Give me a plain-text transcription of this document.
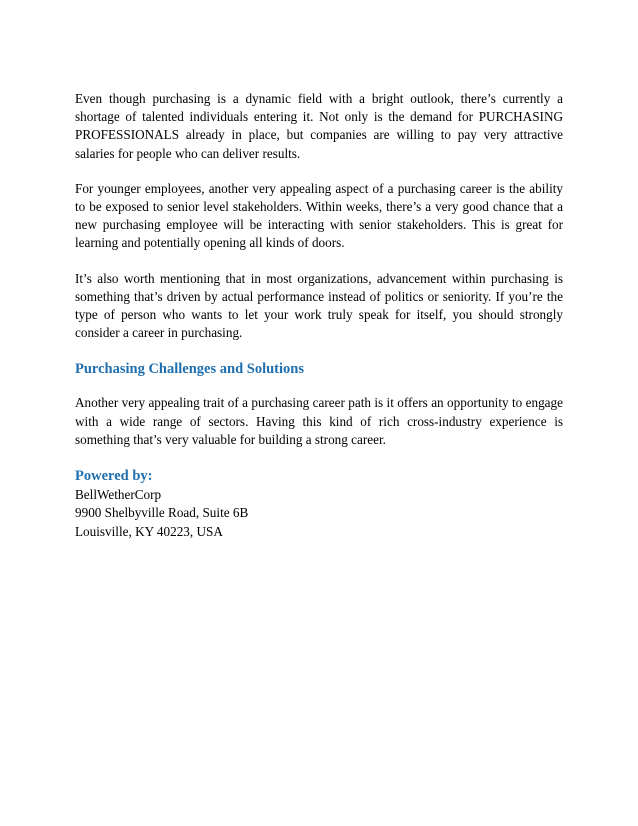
Even though purchasing is a dynamic field with a bright outlook, there’s currently a shortage of talented individuals entering it. Not only is the demand for PURCHASING PROFESSIONALS already in place, but companies are willing to pay very attractive salaries for people who can deliver results.

For younger employees, another very appealing aspect of a purchasing career is the ability to be exposed to senior level stakeholders. Within weeks, there’s a very good chance that a new purchasing employee will be interacting with senior stakeholders. This is great for learning and potentially opening all kinds of doors.

It’s also worth mentioning that in most organizations, advancement within purchasing is something that’s driven by actual performance instead of politics or seniority. If you’re the type of person who wants to let your work truly speak for itself, you should strongly consider a career in purchasing.

Purchasing Challenges and Solutions

Another very appealing trait of a purchasing career path is it offers an opportunity to engage with a wide range of sectors. Having this kind of rich cross-industry experience is something that’s very valuable for building a strong career.

Powered by:
BellWetherCorp
9900 Shelbyville Road, Suite 6B
Louisville, KY 40223, USA
